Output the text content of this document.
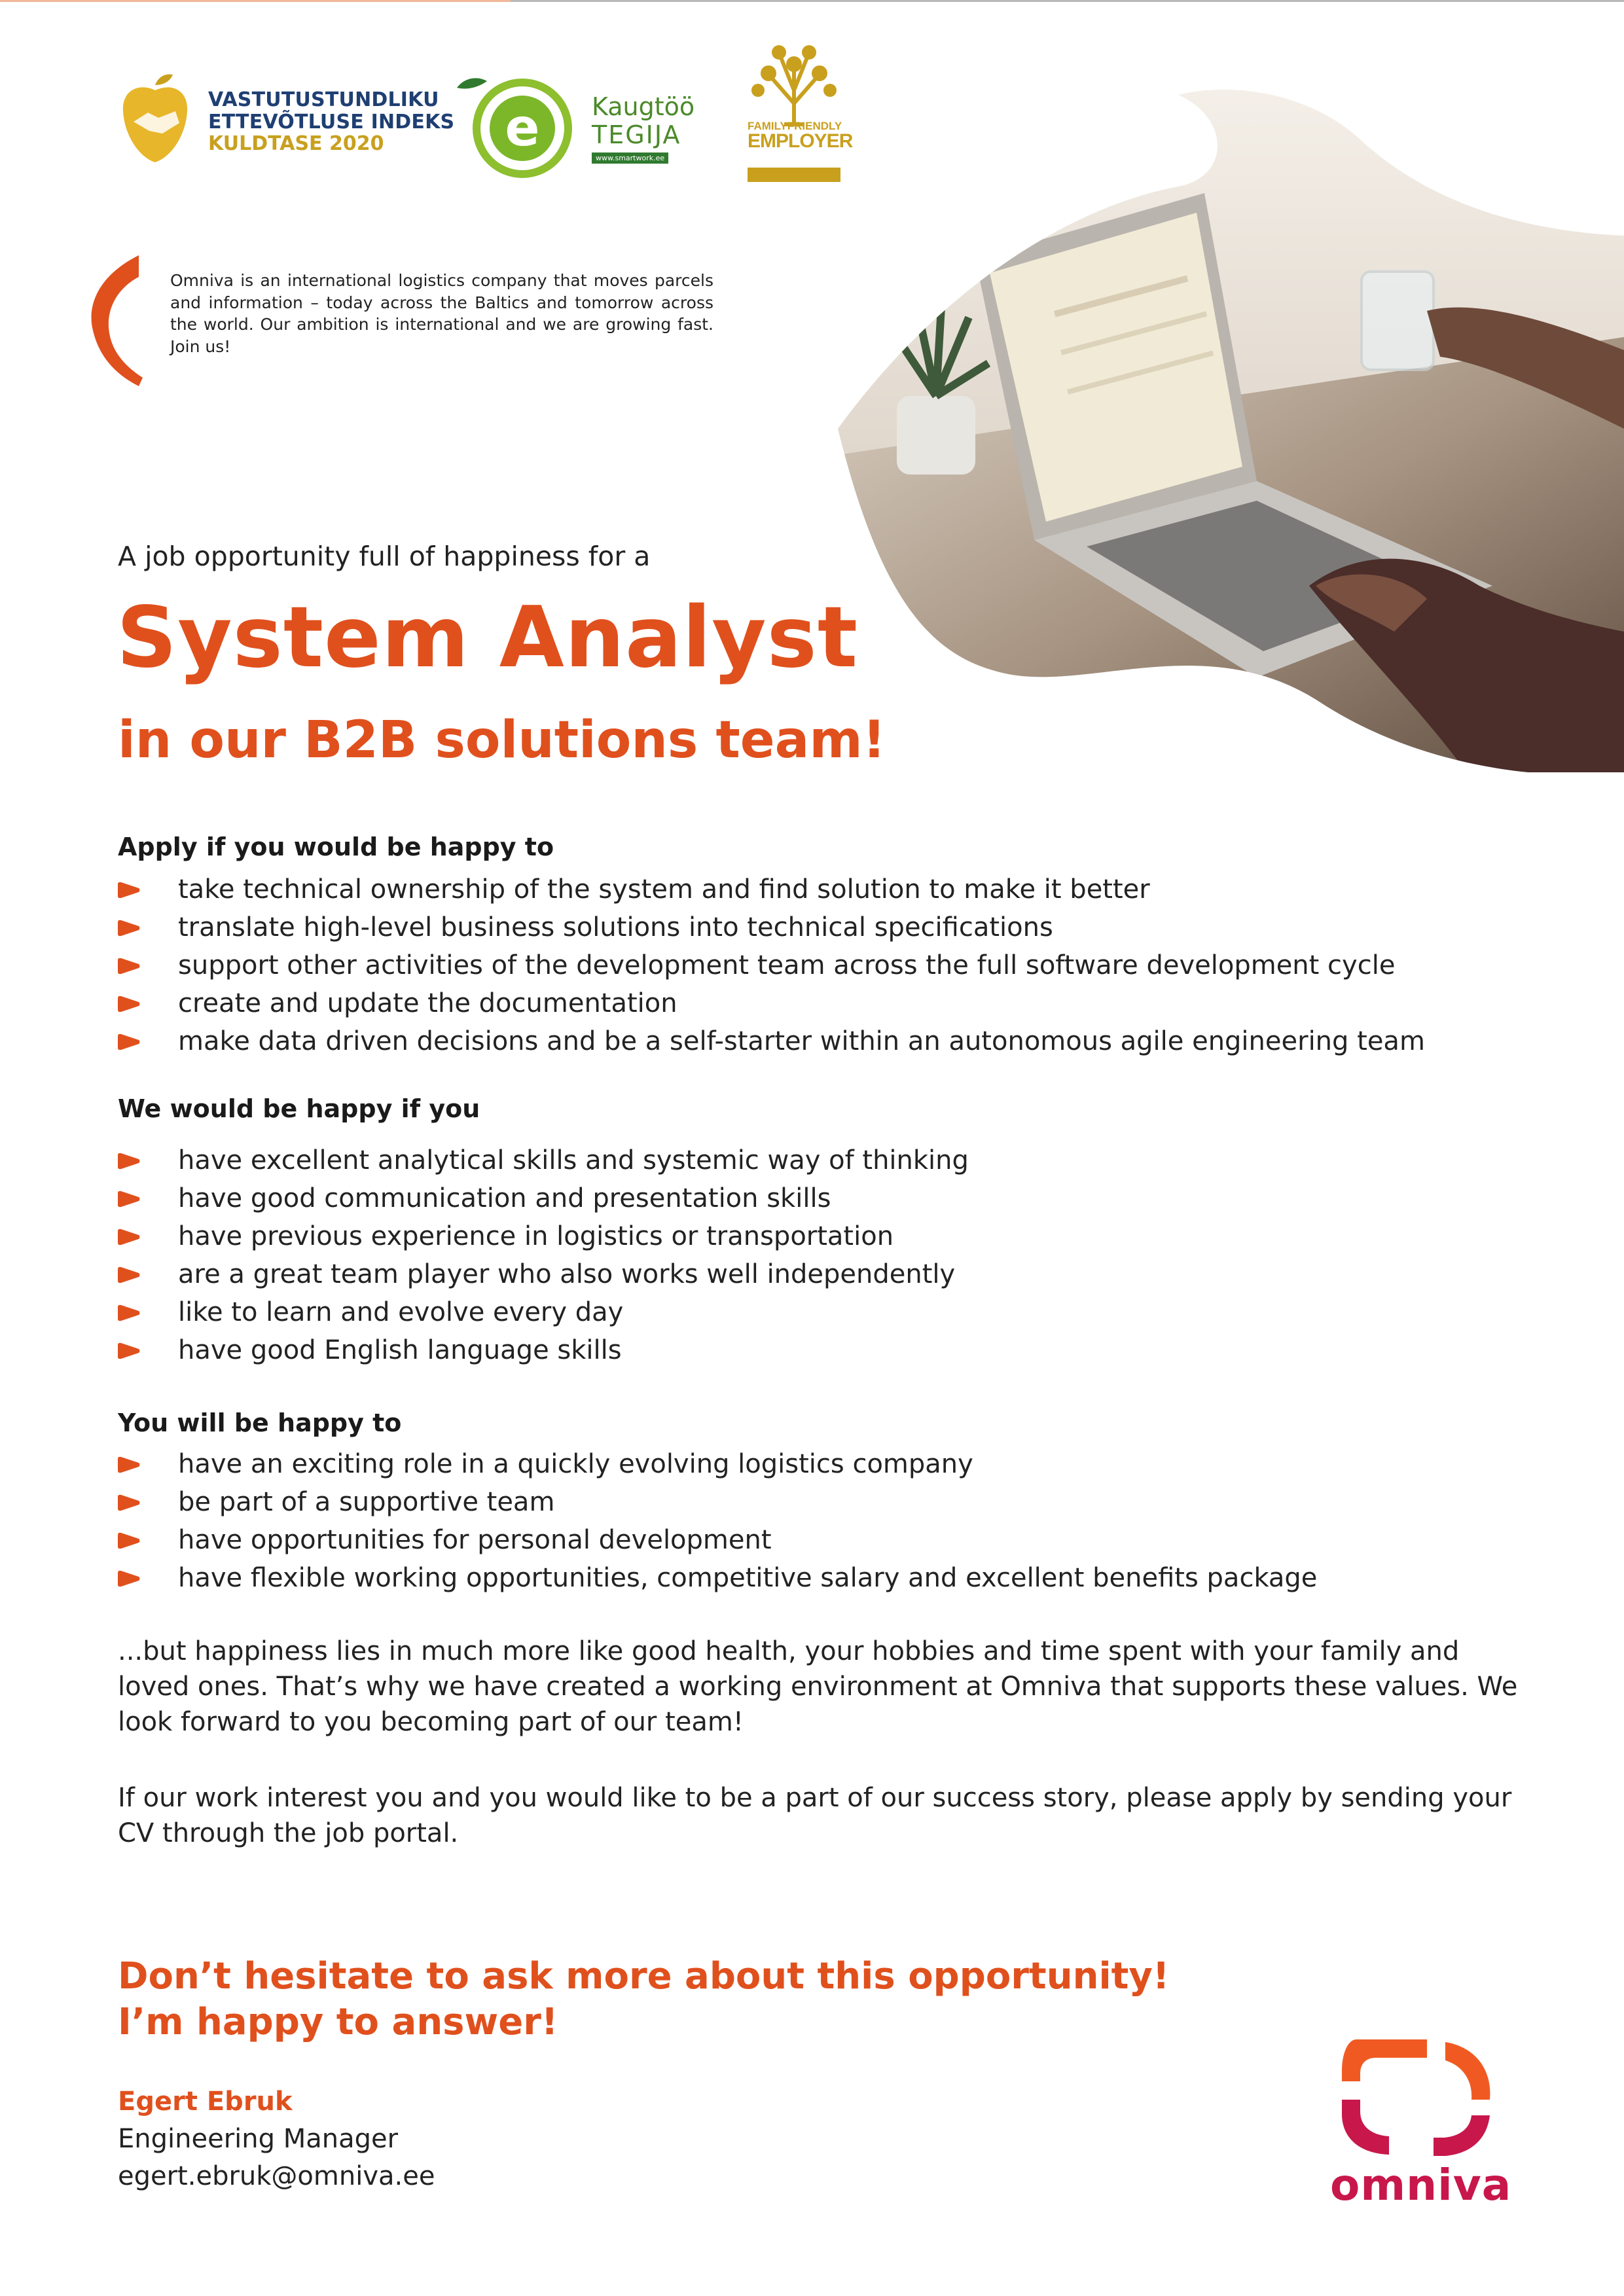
VASTUTUSTUNDLIKU
ETTEVÕTLUSE INDEKS
KULDTASE 2020	e Kaugtöö
TEGIJA
www.smartwork.ee
FAMILYFRIENDLY
EMPLOYER
Gold level
Omniva is an international logistics company that moves parcels and information – today across the Baltics and tomorrow across the world. Our ambition is international and we are growing fast. Join us!
A job opportunity full of happiness for a
System Analyst
in our B2B solutions team!
Apply if you would be happy to
take technical ownership of the system and find solution to make it better
translate high-level business solutions into technical specifications
support other activities of the development team across the full software development cycle
create and update the documentation
make data driven decisions and be a self-starter within an autonomous agile engineering team
We would be happy if you
have excellent analytical skills and systemic way of thinking
have good communication and presentation skills
have previous experience in logistics or transportation
are a great team player who also works well independently
like to learn and evolve every day
have good English language skills
You will be happy to
have an exciting role in a quickly evolving logistics company
be part of a supportive team
have opportunities for personal development
have flexible working opportunities, competitive salary and excellent benefits package
...but happiness lies in much more like good health, your hobbies and time spent with your family and loved ones. That’s why we have created a working environment at Omniva that supports these values. We look forward to you becoming part of our team!
If our work interest you and you would like to be a part of our success story, please apply by sending your CV through the job portal.
Don’t hesitate to ask more about this opportunity!
I’m happy to answer!
Egert Ebruk
Engineering Manager
egert.ebruk@omniva.ee	omniva
